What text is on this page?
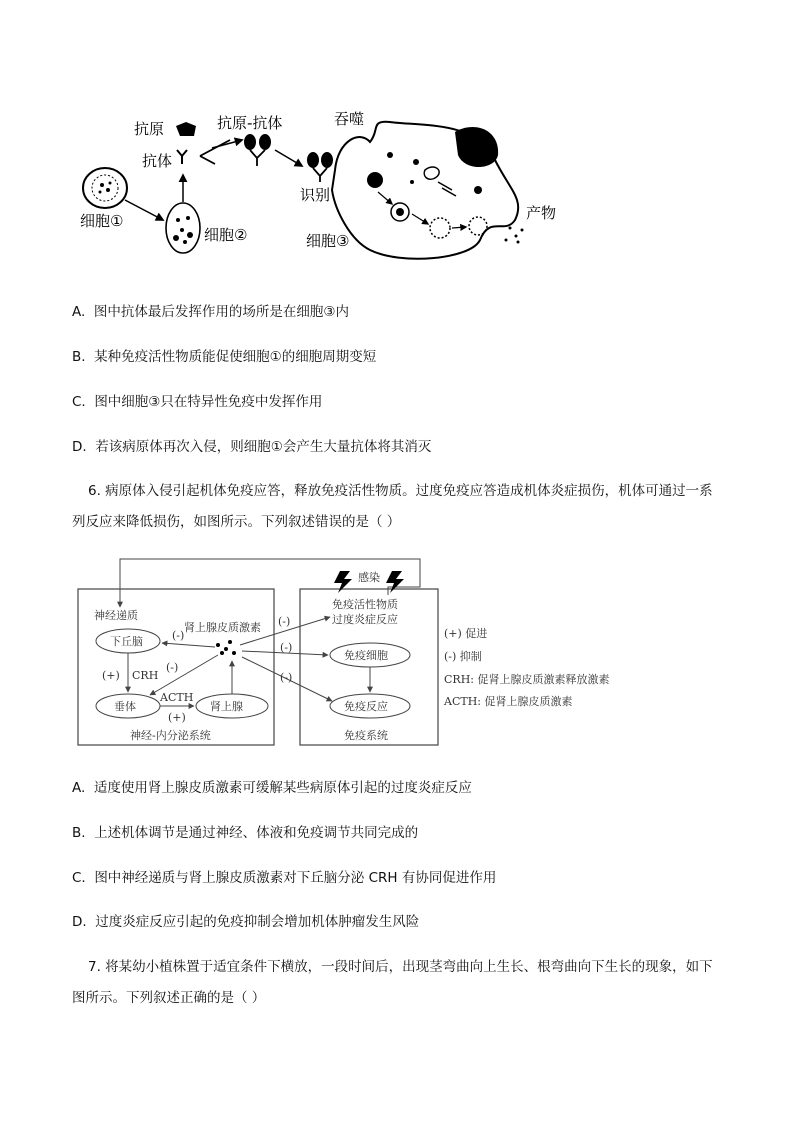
抗原
抗体
抗原-抗体	吞噬
识别
产物
细胞①
细胞②	细胞③
A. 图中抗体最后发挥作用的场所是在细胞③内
B. 某种免疫活性物质能促使细胞①的细胞周期变短
C. 图中细胞③只在特异性免疫中发挥作用
D. 若该病原体再次入侵，则细胞①会产生大量抗体将其消灭
6. 病原体入侵引起机体免疫应答，释放免疫活性物质。过度免疫应答造成机体炎症损伤，机体可通过一系
列反应来降低损伤，如图所示。下列叙述错误的是（ ）
感染
免疫活性物质
过度炎症反应
神经递质
下丘脑
垂体	肾上腺
免疫细胞
免疫反应
肾上腺皮质激素
CRH
ACTH
(+)
(+)
(-)
(-)
(-)
(-)
(-)
神经-内分泌系统	免疫系统
(+) 促进
(-) 抑制
CRH: 促肾上腺皮质激素释放激素
ACTH: 促肾上腺皮质激素
A. 适度使用肾上腺皮质激素可缓解某些病原体引起的过度炎症反应
B. 上述机体调节是通过神经、体液和免疫调节共同完成的
C. 图中神经递质与肾上腺皮质激素对下丘脑分泌 CRH 有协同促进作用
D. 过度炎症反应引起的免疫抑制会增加机体肿瘤发生风险
7. 将某幼小植株置于适宜条件下横放，一段时间后，出现茎弯曲向上生长、根弯曲向下生长的现象，如下
图所示。下列叙述正确的是（ ）
